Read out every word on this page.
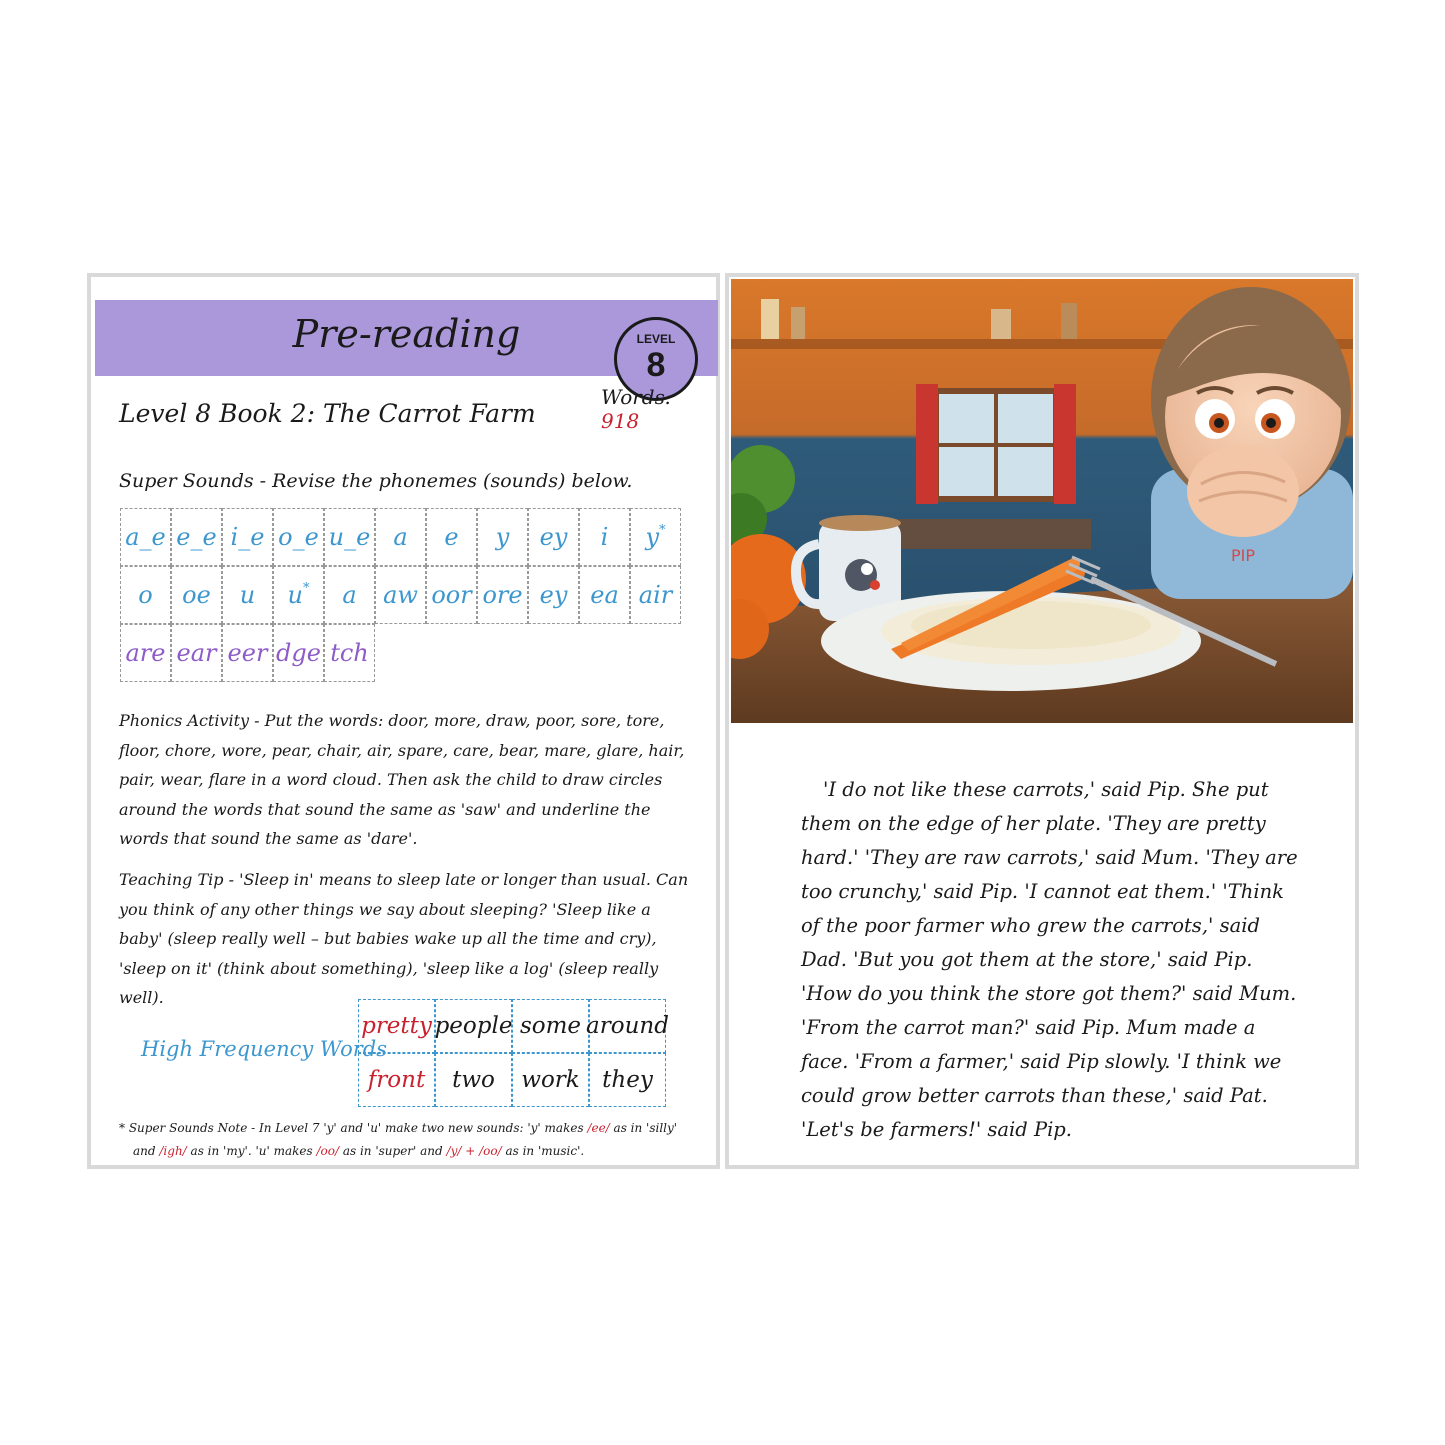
Pre-reading	LEVEL
8
Words: 918
Level 8 Book 2: The Carrot Farm
Super Sounds - Revise the phonemes (sounds) below.
a_e e_e i_e o_e u_e a	e	y	ey	i	y*
o	oe	u	u*	a	aw oor ore ey ea air
are ear eer dge tch
Phonics Activity - Put the words: door, more, draw, poor, sore, tore, floor, chore, wore, pear, chair, air, spare, care, bear, mare, glare, hair, pair, wear, flare in a word cloud. Then ask the child to draw circles around the words that sound the same as 'saw' and underline the words that sound the same as 'dare'.
Teaching Tip - 'Sleep in' means to sleep late or longer than usual. Can you think of any other things we say about sleeping? 'Sleep like a baby' (sleep really well – but babies wake up all the time and cry), 'sleep on it' (think about something), 'sleep like a log' (sleep really well).
High Frequency Words
pretty people some around
front	two	work they
* Super Sounds Note - In Level 7 'y' and 'u' make two new sounds: 'y' makes /ee/ as in 'silly'
and /igh/ as in 'my'. 'u' makes /oo/ as in 'super' and /y/ + /oo/ as in 'music'.
PIP
'I do not like these carrots,' said Pip. She put them on the edge of her plate. 'They are pretty hard.' 'They are raw carrots,' said Mum. 'They are too crunchy,' said Pip. 'I cannot eat them.' 'Think of the poor farmer who grew the carrots,' said Dad. 'But you got them at the store,' said Pip. 'How do you think the store got them?' said Mum. 'From the carrot man?' said Pip. Mum made a face. 'From a farmer,' said Pip slowly. 'I think we could grow better carrots than these,' said Pat. 'Let's be farmers!' said Pip.
